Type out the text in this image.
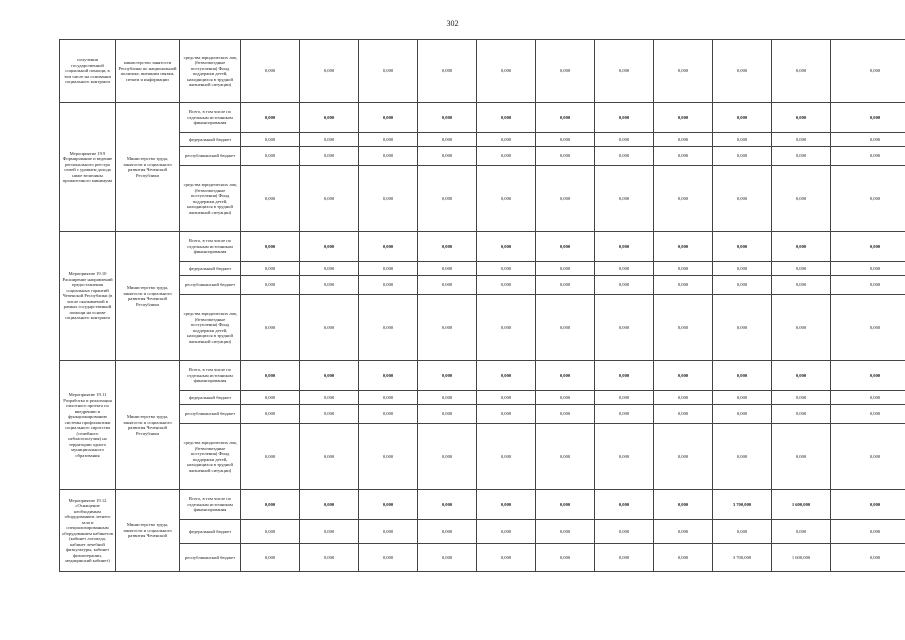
302
получения государственной социальной помощи, в том числе на основании социального контракта	министерство занятости Республики по национальной политике, внешним связям, печати и информации	средства юридических лиц (безвозмездные поступления) Фонд поддержки детей, находящихся в трудной жизненной ситуации)	0,000	0,000	0,000	0,000	0,000	0,000	0,000	0,000	0,000	0,000	0,000
Мероприятие 19.9 Формирование и ведение регионального реестра семей с уровнем дохода ниже величины прожиточного минимума	Министерство труда, занятости и социального развития Чеченской Республики	Всего, в том числе по отдельным источникам финансирования	0,000	0,000	0,000	0,000	0,000	0,000	0,000	0,000	0,000	0,000	0,000
		федеральный бюджет	0,000	0,000	0,000	0,000	0,000	0,000	0,000	0,000	0,000	0,000	0,000
		республиканский бюджет	0,000	0,000	0,000	0,000	0,000	0,000	0,000	0,000	0,000	0,000	0,000
		средства юридических лиц (безвозмездные поступления) Фонд поддержки детей, находящихся в трудной жизненной ситуации)	0,000	0,000	0,000	0,000	0,000	0,000	0,000	0,000	0,000	0,000	0,000
Мероприятие 19.10 Расширение направлений предоставления социальных гарантий Чеченской Республики (в числе оказываемой в рамках государственной помощи на основе социального контракта	Министерство труда, занятости и социального развития Чеченской Республики	Всего, в том числе по отдельным источникам финансирования	0,000	0,000	0,000	0,000	0,000	0,000	0,000	0,000	0,000	0,000	0,000
		федеральный бюджет	0,000	0,000	0,000	0,000	0,000	0,000	0,000	0,000	0,000	0,000	0,000
		республиканский бюджет	0,000	0,000	0,000	0,000	0,000	0,000	0,000	0,000	0,000	0,000	0,000
		средства юридических лиц (безвозмездные поступления) Фонд поддержки детей, находящихся в трудной жизненной ситуации)	0,000	0,000	0,000	0,000	0,000	0,000	0,000	0,000	0,000	0,000	0,000
Мероприятие 19.11 Разработка и реализация пилотного проекта по внедрению и функционированию системы профилактики социального сиротства (семейного неблагополучия) на территории одного муниципального образования	Министерство труда, занятости и социального развития Чеченской Республики	Всего, в том числе по отдельным источникам финансирования	0,000	0,000	0,000	0,000	0,000	0,000	0,000	0,000	0,000	0,000	0,000
		федеральный бюджет	0,000	0,000	0,000	0,000	0,000	0,000	0,000	0,000	0,000	0,000	0,000
		республиканский бюджет	0,000	0,000	0,000	0,000	0,000	0,000	0,000	0,000	0,000	0,000	0,000
		средства юридических лиц (безвозмездные поступления) Фонд поддержки детей, находящихся в трудной жизненной ситуации)	0,000	0,000	0,000	0,000	0,000	0,000	0,000	0,000	0,000	0,000	0,000
Мероприятие 19.12 «Оснащение необходимым оборудованием летнего зала и специализированным оборудованием кабинетов (кабинет логопеда, кабинет лечебной физкультуры, кабинет физиотерапии, медицинский кабинет)	Министерство труда, занятости и социального развития Чеченской	Всего, в том числе по отдельным источникам финансирования	0,000	0,000	0,000	0,000	0,000	0,000	0,000	0,000	3 700,000	1 600,000	0,000
		федеральный бюджет	0,000	0,000	0,000	0,000	0,000	0,000	0,000	0,000	0,000	0,000	0,000
		республиканский бюджет	0,000	0,000	0,000	0,000	0,000	0,000	0,000	0,000	3 700,000	1 600,000	0,000
